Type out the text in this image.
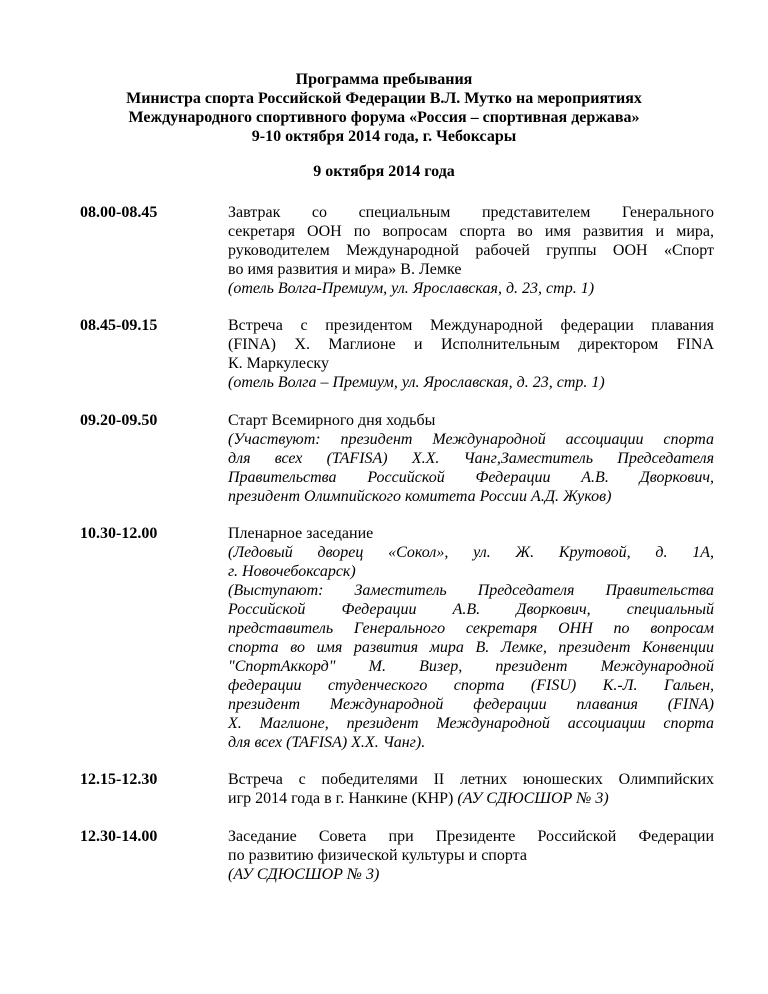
Программа пребывания
Министра спорта Российской Федерации В.Л. Мутко на мероприятиях
Международного спортивного форума «Россия – спортивная держава»
9-10 октября 2014 года, г. Чебоксары
9 октября 2014 года
08.00-08.45	Завтрак со специальным представителем Генерального
секретаря ООН по вопросам спорта во имя развития и мира,
руководителем Международной рабочей группы ООН «Спорт
во имя развития и мира» В. Лемке
(отель Волга-Премиум, ул. Ярославская, д. 23, стр. 1)
08.45-09.15	Встреча с президентом Международной федерации плавания
(FINA) Х. Маглионе и Исполнительным директором FINA
К. Маркулеску
(отель Волга – Премиум, ул. Ярославская, д. 23, стр. 1)
09.20-09.50	Старт Всемирного дня ходьбы
(Участвуют: президент Международной ассоциации спорта
для всех (TAFISA) Х.Х. Чанг,Заместитель Председателя
Правительства Российской Федерации А.В. Дворкович,
президент Олимпийского комитета России А.Д. Жуков)
10.30-12.00	Пленарное заседание
(Ледовый дворец «Сокол», ул. Ж. Крутовой, д. 1А,
г. Новочебоксарск)
(Выступают: Заместитель Председателя Правительства
Российской Федерации А.В. Дворкович, специальный
представитель Генерального секретаря ОНН по вопросам
спорта во имя развития мира В. Лемке, президент Конвенции
"СпортАккорд" М. Визер, президент Международной
федерации студенческого спорта (FISU) К.-Л. Гальен,
президент Международной федерации плавания (FINA)
Х. Маглионе, президент Международной ассоциации спорта
для всех (TAFISA) Х.Х. Чанг).
12.15-12.30	Встреча с победителями II летних юношеских Олимпийских
игр 2014 года в г. Нанкине (КНР) (АУ СДЮСШОР № 3)
12.30-14.00	Заседание Совета при Президенте Российской Федерации
по развитию физической культуры и спорта
(АУ СДЮСШОР № 3)
